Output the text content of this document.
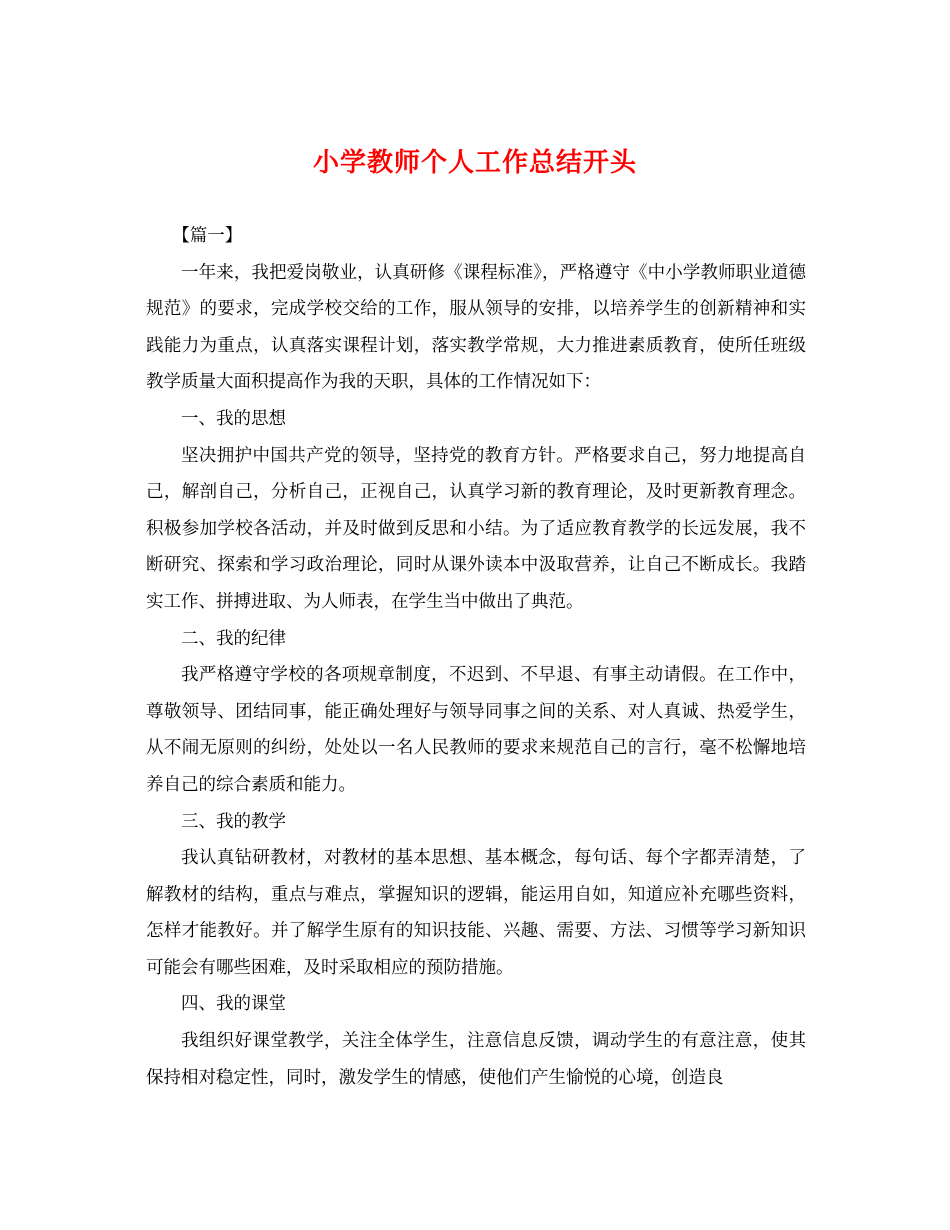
小学教师个人工作总结开头

【篇一】

一年来，我把爱岗敬业，认真研修《课程标准》，严格遵守《中小学教师职业道德规范》的要求，完成学校交给的工作，服从领导的安排，以培养学生的创新精神和实践能力为重点，认真落实课程计划，落实教学常规，大力推进素质教育，使所任班级教学质量大面积提高作为我的天职，具体的工作情况如下：

一、我的思想

坚决拥护中国共产党的领导，坚持党的教育方针。严格要求自己，努力地提高自己，解剖自己，分析自己，正视自己，认真学习新的教育理论，及时更新教育理念。积极参加学校各活动，并及时做到反思和小结。为了适应教育教学的长远发展，我不断研究、探索和学习政治理论，同时从课外读本中汲取营养，让自己不断成长。我踏实工作、拼搏进取、为人师表，在学生当中做出了典范。

二、我的纪律

我严格遵守学校的各项规章制度，不迟到、不早退、有事主动请假。在工作中，尊敬领导、团结同事，能正确处理好与领导同事之间的关系、对人真诚、热爱学生，从不闹无原则的纠纷，处处以一名人民教师的要求来规范自己的言行，毫不松懈地培养自己的综合素质和能力。

三、我的教学

我认真钻研教材，对教材的基本思想、基本概念，每句话、每个字都弄清楚，了解教材的结构，重点与难点，掌握知识的逻辑，能运用自如，知道应补充哪些资料，怎样才能教好。并了解学生原有的知识技能、兴趣、需要、方法、习惯等学习新知识可能会有哪些困难，及时采取相应的预防措施。

四、我的课堂

我组织好课堂教学，关注全体学生，注意信息反馈，调动学生的有意注意，使其保持相对稳定性，同时，激发学生的情感，使他们产生愉悦的心境，创造良
